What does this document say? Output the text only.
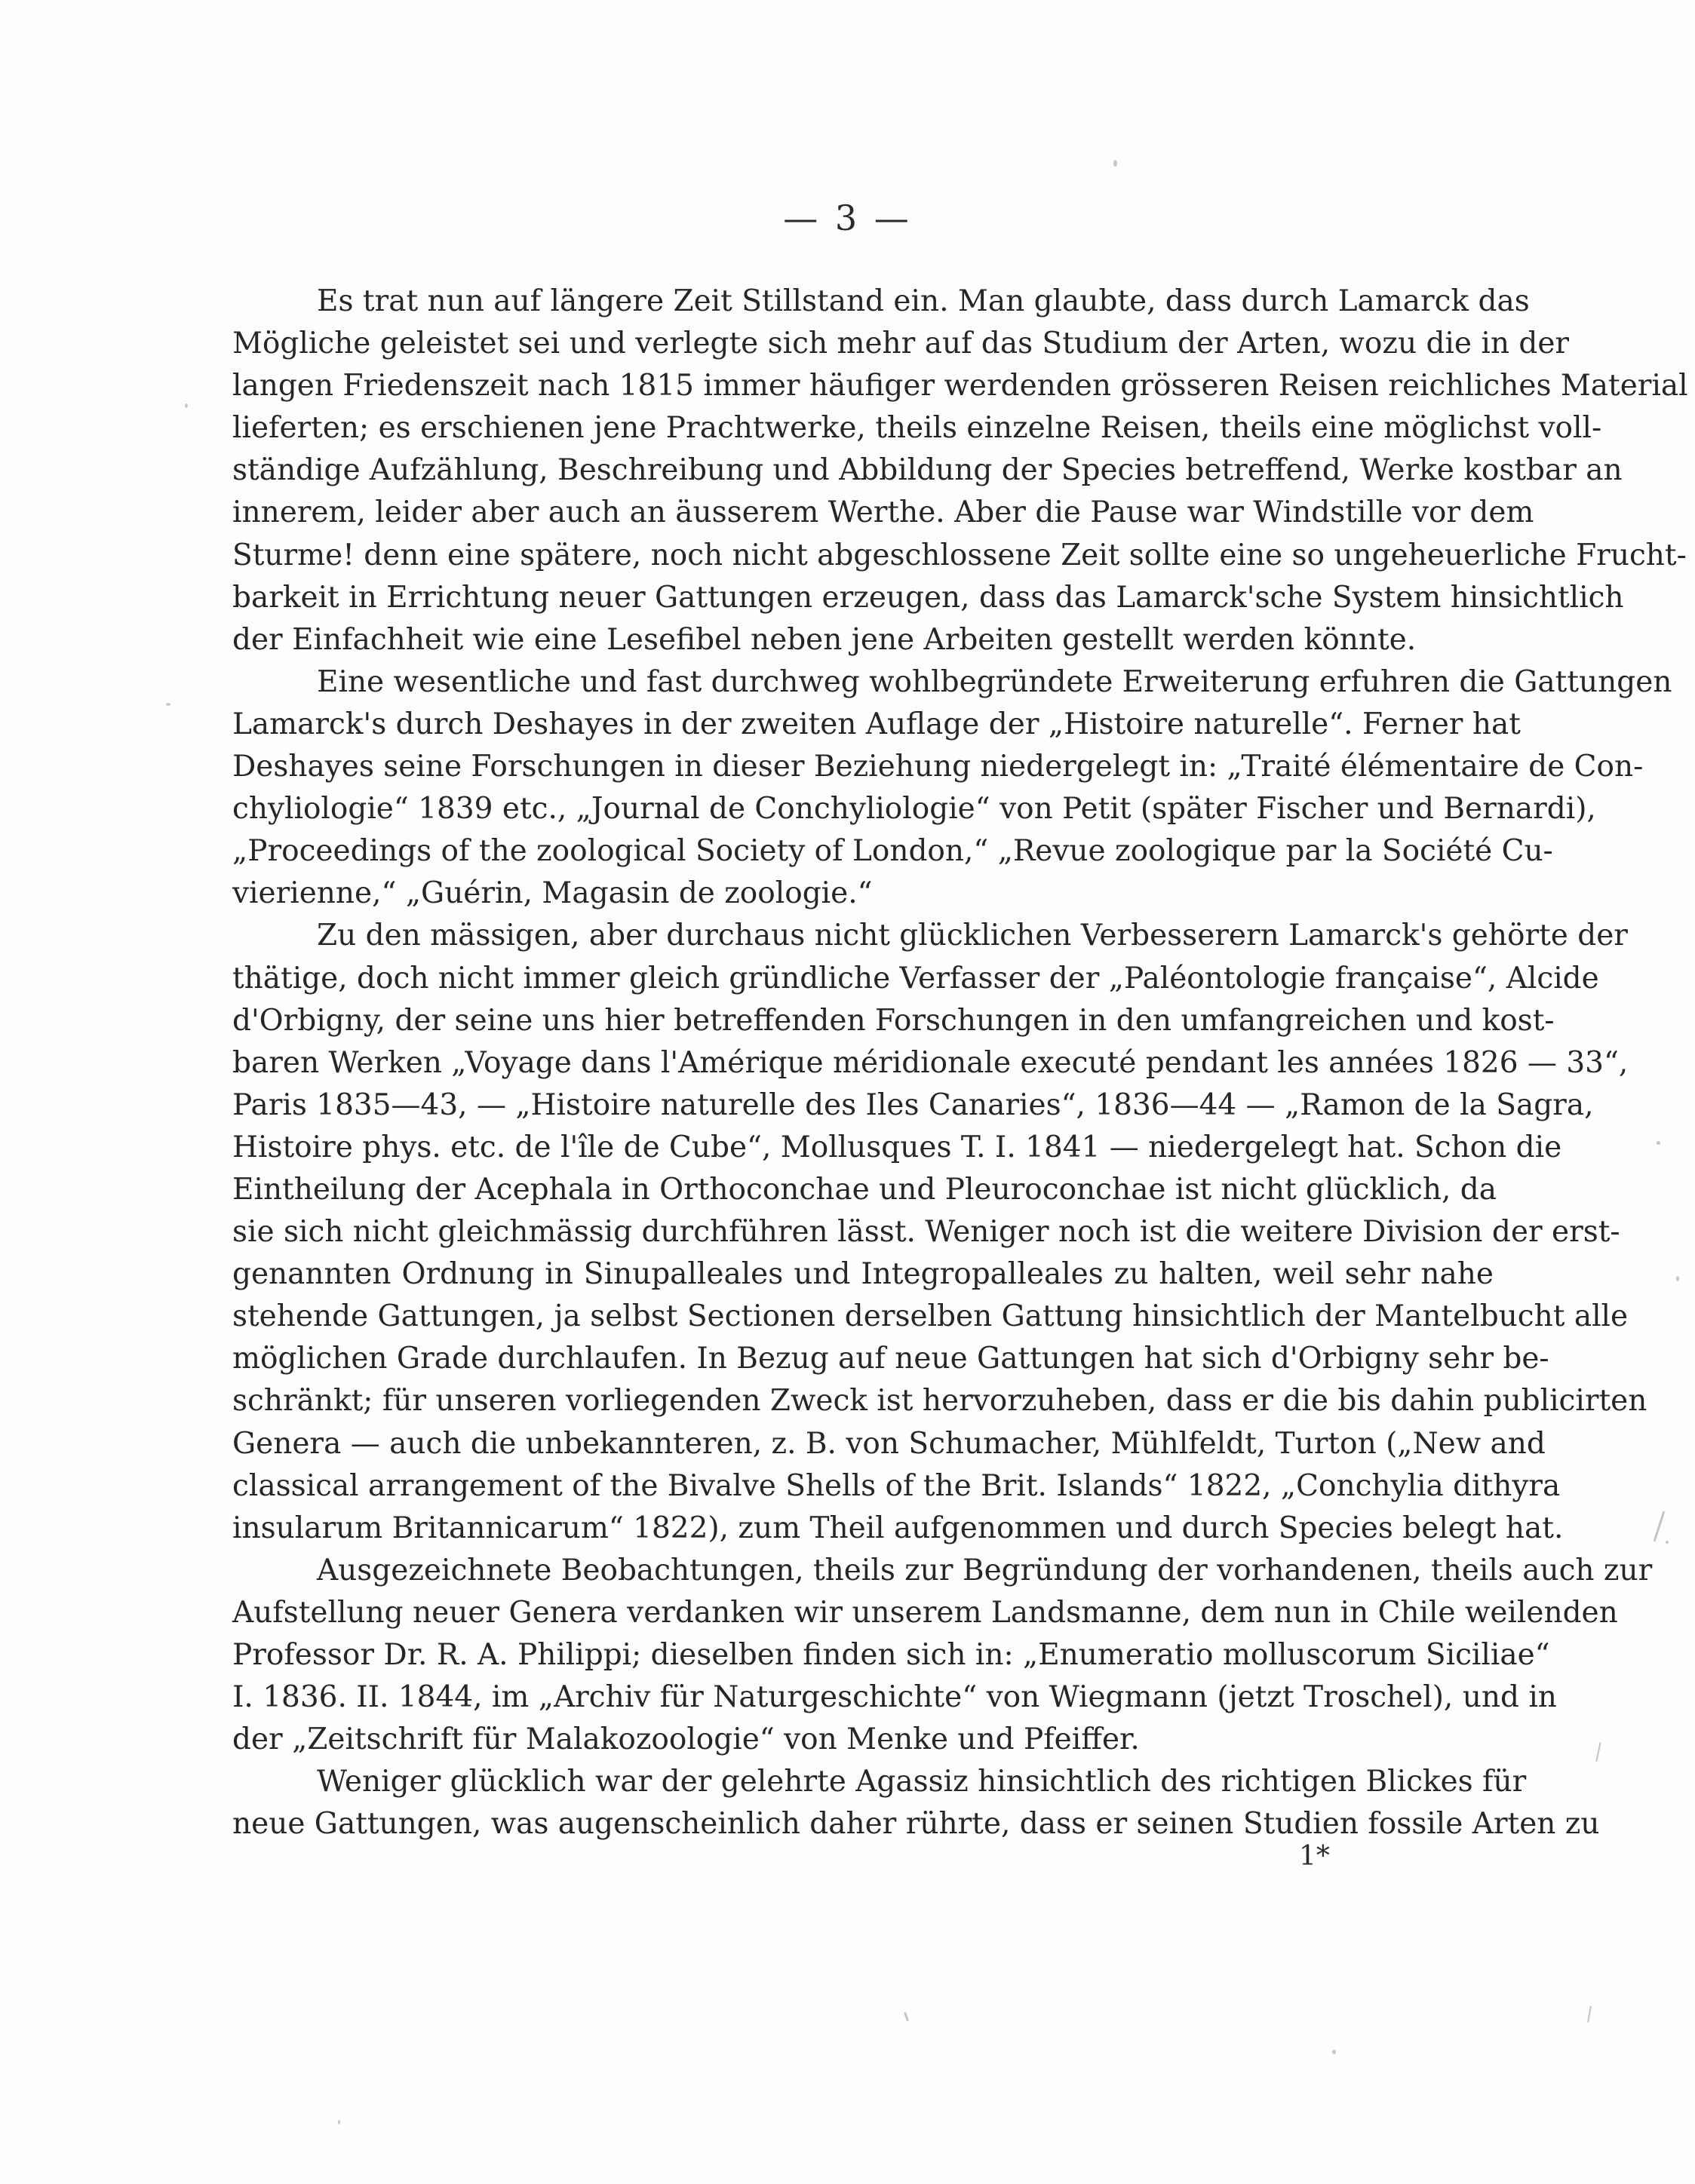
— 3 —
Es trat nun auf längere Zeit Stillstand ein. Man glaubte, dass durch Lamarck das
Mögliche geleistet sei und verlegte sich mehr auf das Studium der Arten, wozu die in der
langen Friedenszeit nach 1815 immer häufiger werdenden grösseren Reisen reichliches Material
lieferten; es erschienen jene Prachtwerke, theils einzelne Reisen, theils eine möglichst voll-
ständige Aufzählung, Beschreibung und Abbildung der Species betreffend, Werke kostbar an
innerem, leider aber auch an äusserem Werthe. Aber die Pause war Windstille vor dem
Sturme! denn eine spätere, noch nicht abgeschlossene Zeit sollte eine so ungeheuerliche Frucht-
barkeit in Errichtung neuer Gattungen erzeugen, dass das Lamarck'sche System hinsichtlich
der Einfachheit wie eine Lesefibel neben jene Arbeiten gestellt werden könnte.
Eine wesentliche und fast durchweg wohlbegründete Erweiterung erfuhren die Gattungen
Lamarck's durch Deshayes in der zweiten Auflage der „Histoire naturelle“. Ferner hat
Deshayes seine Forschungen in dieser Beziehung niedergelegt in: „Traité élémentaire de Con-
chyliologie“ 1839 etc., „Journal de Conchyliologie“ von Petit (später Fischer und Bernardi),
„Proceedings of the zoological Society of London,“ „Revue zoologique par la Société Cu-
vierienne,“ „Guérin, Magasin de zoologie.“
Zu den mässigen, aber durchaus nicht glücklichen Verbesserern Lamarck's gehörte der
thätige, doch nicht immer gleich gründliche Verfasser der „Paléontologie française“, Alcide
d'Orbigny, der seine uns hier betreffenden Forschungen in den umfangreichen und kost-
baren Werken „Voyage dans l'Amérique méridionale executé pendant les années 1826 — 33“,
Paris 1835—43, — „Histoire naturelle des Iles Canaries“, 1836—44 — „Ramon de la Sagra,
Histoire phys. etc. de l'île de Cube“, Mollusques T. I. 1841 — niedergelegt hat. Schon die
Eintheilung der Acephala in Orthoconchae und Pleuroconchae ist nicht glücklich, da
sie sich nicht gleichmässig durchführen lässt. Weniger noch ist die weitere Division der erst-
genannten Ordnung in Sinupalleales und Integropalleales zu halten, weil sehr nahe
stehende Gattungen, ja selbst Sectionen derselben Gattung hinsichtlich der Mantelbucht alle
möglichen Grade durchlaufen. In Bezug auf neue Gattungen hat sich d'Orbigny sehr be-
schränkt; für unseren vorliegenden Zweck ist hervorzuheben, dass er die bis dahin publicirten
Genera — auch die unbekannteren, z. B. von Schumacher, Mühlfeldt, Turton („New and
classical arrangement of the Bivalve Shells of the Brit. Islands“ 1822, „Conchylia dithyra
insularum Britannicarum“ 1822), zum Theil aufgenommen und durch Species belegt hat.
Ausgezeichnete Beobachtungen, theils zur Begründung der vorhandenen, theils auch zur
Aufstellung neuer Genera verdanken wir unserem Landsmanne, dem nun in Chile weilenden
Professor Dr. R. A. Philippi; dieselben finden sich in: „Enumeratio molluscorum Siciliae“
I. 1836. II. 1844, im „Archiv für Naturgeschichte“ von Wiegmann (jetzt Troschel), und in
der „Zeitschrift für Malakozoologie“ von Menke und Pfeiffer.
Weniger glücklich war der gelehrte Agassiz hinsichtlich des richtigen Blickes für
neue Gattungen, was augenscheinlich daher rührte, dass er seinen Studien fossile Arten zu
1*
